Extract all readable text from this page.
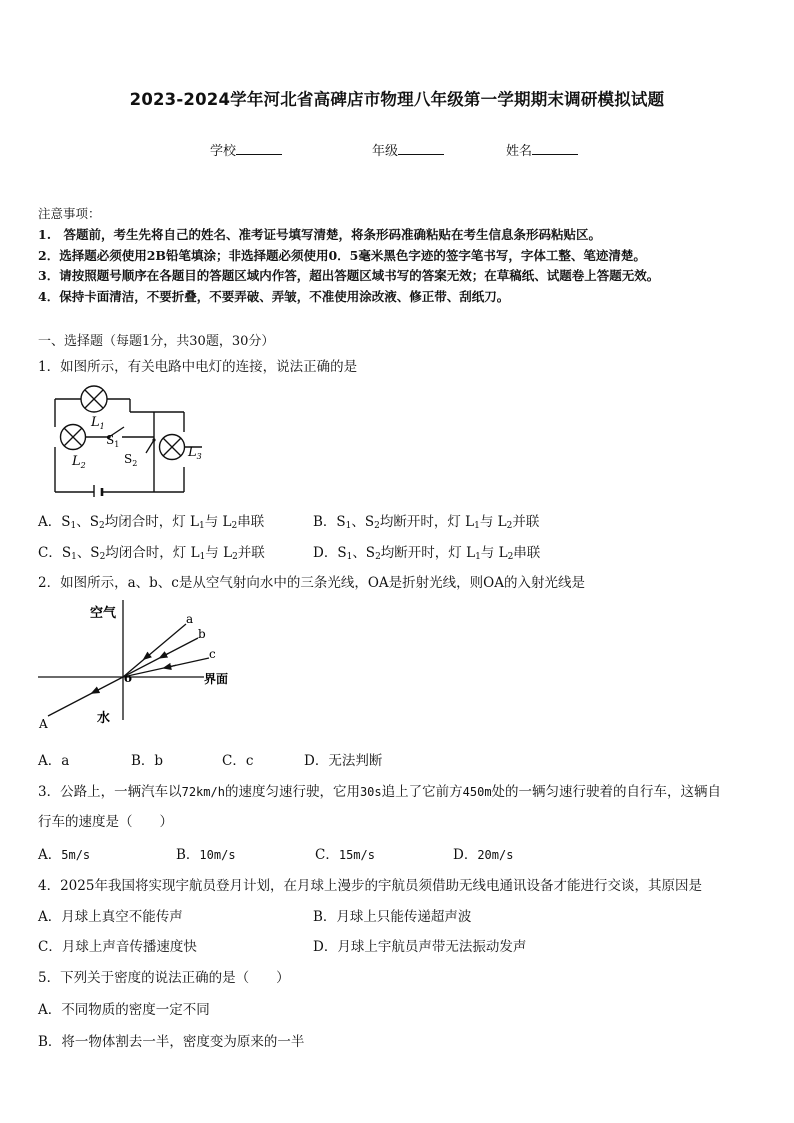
2023-2024学年河北省高碑店市物理八年级第一学期期末调研模拟试题
学校	年级	姓名
注意事项：
1.　答题前，考生先将自己的姓名、准考证号填写清楚，将条形码准确粘贴在考生信息条形码粘贴区。
2．选择题必须使用2B铅笔填涂；非选择题必须使用0．5毫米黑色字迹的签字笔书写，字体工整、笔迹清楚。
3．请按照题号顺序在各题目的答题区域内作答，超出答题区域书写的答案无效；在草稿纸、试题卷上答题无效。
4．保持卡面清洁，不要折叠，不要弄破、弄皱，不准使用涂改液、修正带、刮纸刀。
一、选择题（每题1分，共30题，30分）
1．如图所示，有关电路中电灯的连接，说法正确的是
$L_1$
$S_1$
$L_2$	$S_2$
$L_3$
A．$S_1$、$S_2$均闭合时，灯 $L_1$与 $L_2$串联	B．$S_1$、$S_2$均断开时，灯 $L_1$与 $L_2$并联
C．$S_1$、$S_2$均闭合时，灯 $L_1$与 $L_2$并联	D．$S_1$、$S_2$均断开时，灯 $L_1$与 $L_2$串联
2．如图所示，a、b、c是从空气射向水中的三条光线，OA是折射光线，则OA的入射光线是
空气	a
b
c
o	界面
水
A
A．a	B．b	C．c	D．无法判断
3．公路上，一辆汽车以72km/h的速度匀速行驶，它用30s追上了它前方450m处的一辆匀速行驶着的自行车，这辆自
行车的速度是（　　）
A．5m/s	B．10m/s	C．15m/s	D．20m/s
4．2025年我国将实现宇航员登月计划，在月球上漫步的宇航员须借助无线电通讯设备才能进行交谈，其原因是
A．月球上真空不能传声	B．月球上只能传递超声波
C．月球上声音传播速度快	D．月球上宇航员声带无法振动发声
5．下列关于密度的说法正确的是（　　）
A．不同物质的密度一定不同
B．将一物体割去一半，密度变为原来的一半
